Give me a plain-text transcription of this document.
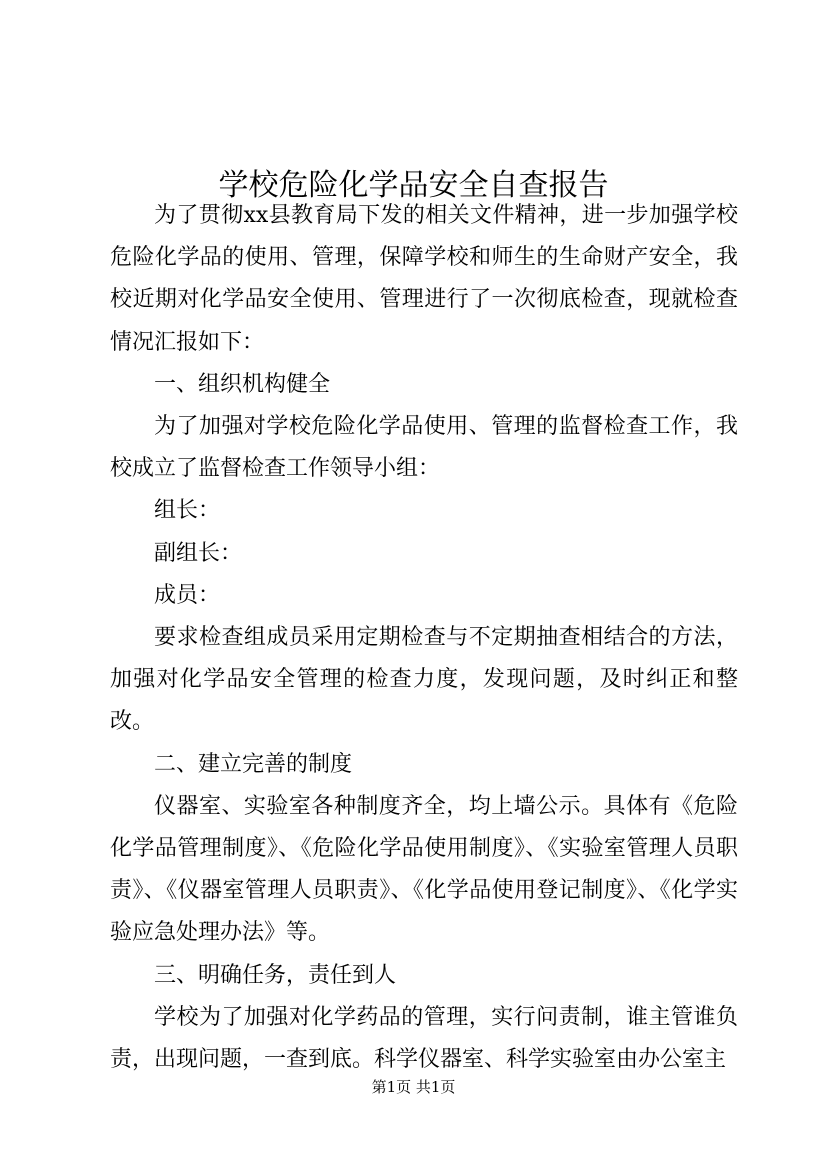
学校危险化学品安全自查报告

为了贯彻xx县教育局下发的相关文件精神，进一步加强学校危险化学品的使用、管理，保障学校和师生的生命财产安全，我校近期对化学品安全使用、管理进行了一次彻底检查，现就检查情况汇报如下：

一、组织机构健全

为了加强对学校危险化学品使用、管理的监督检查工作，我校成立了监督检查工作领导小组：

组长：

副组长：

成员：

要求检查组成员采用定期检查与不定期抽查相结合的方法，加强对化学品安全管理的检查力度，发现问题，及时纠正和整改。

二、建立完善的制度

仪器室、实验室各种制度齐全，均上墙公示。具体有《危险化学品管理制度》、《危险化学品使用制度》、《实验室管理人员职责》、《仪器室管理人员职责》、《化学品使用登记制度》、《化学实验应急处理办法》等。

三、明确任务，责任到人

学校为了加强对化学药品的管理，实行问责制，谁主管谁负责，出现问题，一查到底。科学仪器室、科学实验室由办公室主

第1页 共1页
